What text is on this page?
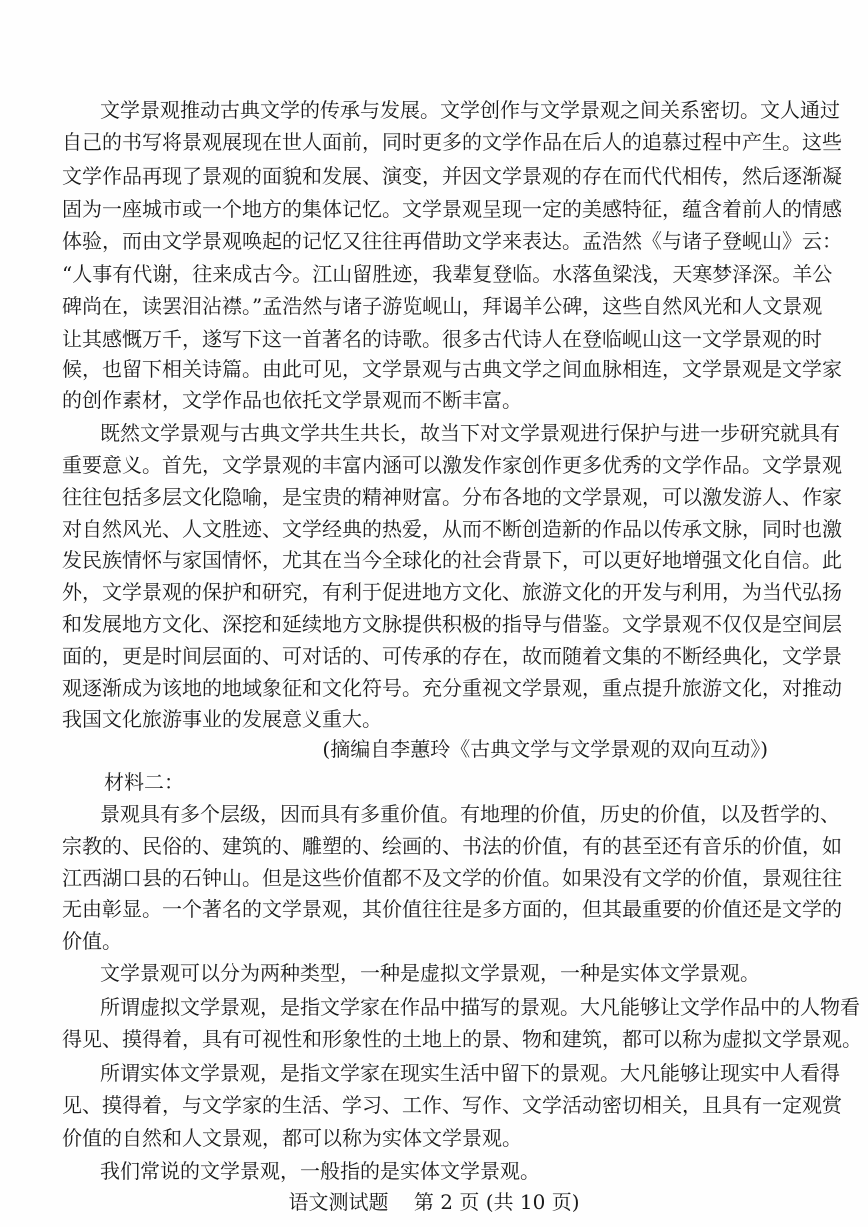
文学景观推动古典文学的传承与发展。文学创作与文学景观之间关系密切。文人通过
自己的书写将景观展现在世人面前，同时更多的文学作品在后人的追慕过程中产生。这些
文学作品再现了景观的面貌和发展、演变，并因文学景观的存在而代代相传，然后逐渐凝
固为一座城市或一个地方的集体记忆。文学景观呈现一定的美感特征，蕴含着前人的情感
体验，而由文学景观唤起的记忆又往往再借助文学来表达。孟浩然《与诸子登岘山》云：
“人事有代谢，往来成古今。江山留胜迹，我辈复登临。水落鱼梁浅，天寒梦泽深。羊公
碑尚在，读罢泪沾襟。”孟浩然与诸子游览岘山，拜谒羊公碑，这些自然风光和人文景观
让其感慨万千，遂写下这一首著名的诗歌。很多古代诗人在登临岘山这一文学景观的时
候，也留下相关诗篇。由此可见，文学景观与古典文学之间血脉相连，文学景观是文学家
的创作素材，文学作品也依托文学景观而不断丰富。
既然文学景观与古典文学共生共长，故当下对文学景观进行保护与进一步研究就具有
重要意义。首先，文学景观的丰富内涵可以激发作家创作更多优秀的文学作品。文学景观
往往包括多层文化隐喻，是宝贵的精神财富。分布各地的文学景观，可以激发游人、作家
对自然风光、人文胜迹、文学经典的热爱，从而不断创造新的作品以传承文脉，同时也激
发民族情怀与家国情怀，尤其在当今全球化的社会背景下，可以更好地增强文化自信。此
外，文学景观的保护和研究，有利于促进地方文化、旅游文化的开发与利用，为当代弘扬
和发展地方文化、深挖和延续地方文脉提供积极的指导与借鉴。文学景观不仅仅是空间层
面的，更是时间层面的、可对话的、可传承的存在，故而随着文集的不断经典化，文学景
观逐渐成为该地的地域象征和文化符号。充分重视文学景观，重点提升旅游文化，对推动
我国文化旅游事业的发展意义重大。
(摘编自李蕙玲《古典文学与文学景观的双向互动》)
材料二：
景观具有多个层级，因而具有多重价值。有地理的价值，历史的价值，以及哲学的、
宗教的、民俗的、建筑的、雕塑的、绘画的、书法的价值，有的甚至还有音乐的价值，如
江西湖口县的石钟山。但是这些价值都不及文学的价值。如果没有文学的价值，景观往往
无由彰显。一个著名的文学景观，其价值往往是多方面的，但其最重要的价值还是文学的
价值。
文学景观可以分为两种类型，一种是虚拟文学景观，一种是实体文学景观。
所谓虚拟文学景观，是指文学家在作品中描写的景观。大凡能够让文学作品中的人物看
得见、摸得着，具有可视性和形象性的土地上的景、物和建筑，都可以称为虚拟文学景观。
所谓实体文学景观，是指文学家在现实生活中留下的景观。大凡能够让现实中人看得
见、摸得着，与文学家的生活、学习、工作、写作、文学活动密切相关，且具有一定观赏
价值的自然和人文景观，都可以称为实体文学景观。
我们常说的文学景观，一般指的是实体文学景观。
语文测试题    第 2 页 (共 10 页)
